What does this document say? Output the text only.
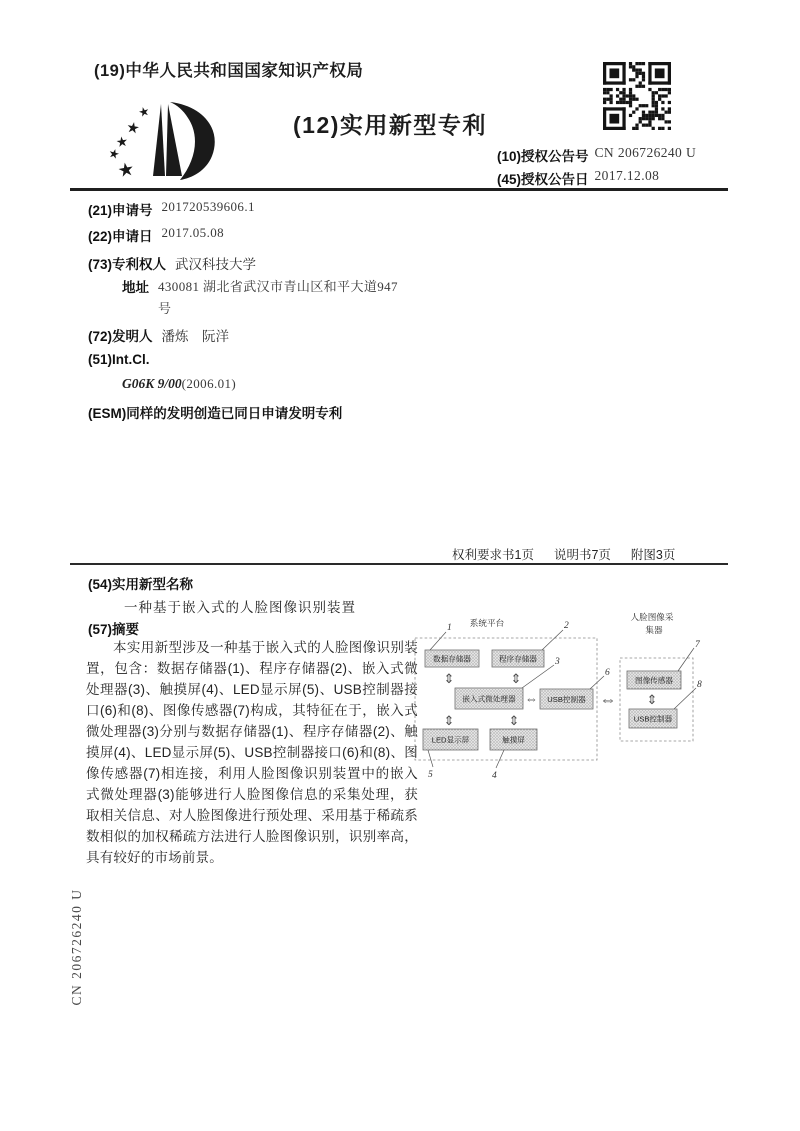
(19)中华人民共和国国家知识产权局
(12)实用新型专利
(10)授权公告号 CN 206726240 U
(45)授权公告日 2017.12.08
(21)申请号 201720539606.1
(22)申请日 2017.05.08
(73)专利权人 武汉科技大学
地址 430081 湖北省武汉市青山区和平大道947号
(72)发明人 潘炼　阮洋
(51)Int.Cl.
G06K 9/00 (2006.01)
(ESM)同样的发明创造已同日申请发明专利
权利要求书1页 说明书7页 附图3页
(54)实用新型名称
一种基于嵌入式的人脸图像识别装置
(57)摘要
本实用新型涉及一种基于嵌入式的人脸图像识别装置，包含：数据存储器(1)、程序存储器(2)、嵌入式微处理器(3)、触摸屏(4)、LED显示屏(5)、USB控制器接口(6)和(8)、图像传感器(7)构成，其特征在于，嵌入式微处理器(3)分别与数据存储器(1)、程序存储器(2)、触摸屏(4)、LED显示屏(5)、USB控制器接口(6)和(8)、图像传感器(7)相连接，利用人脸图像识别装置中的嵌入式微处理器(3)能够进行人脸图像信息的采集处理，获取相关信息、对人脸图像进行预处理、采用基于稀疏系数相似的加权稀疏方法进行人脸图像识别，识别率高，具有较好的市场前景。
系统平台
人脸图像采
集器
数据存储器	程序存储器
嵌入式微处理器	USB控制器
LED显示屏	触摸屏
图像传感器
USB控制器
⇕	⇕
⇕	⇕
⇔	⇔ ⇕
1	2
3
6
7
8
5	4
CN 206726240 U
